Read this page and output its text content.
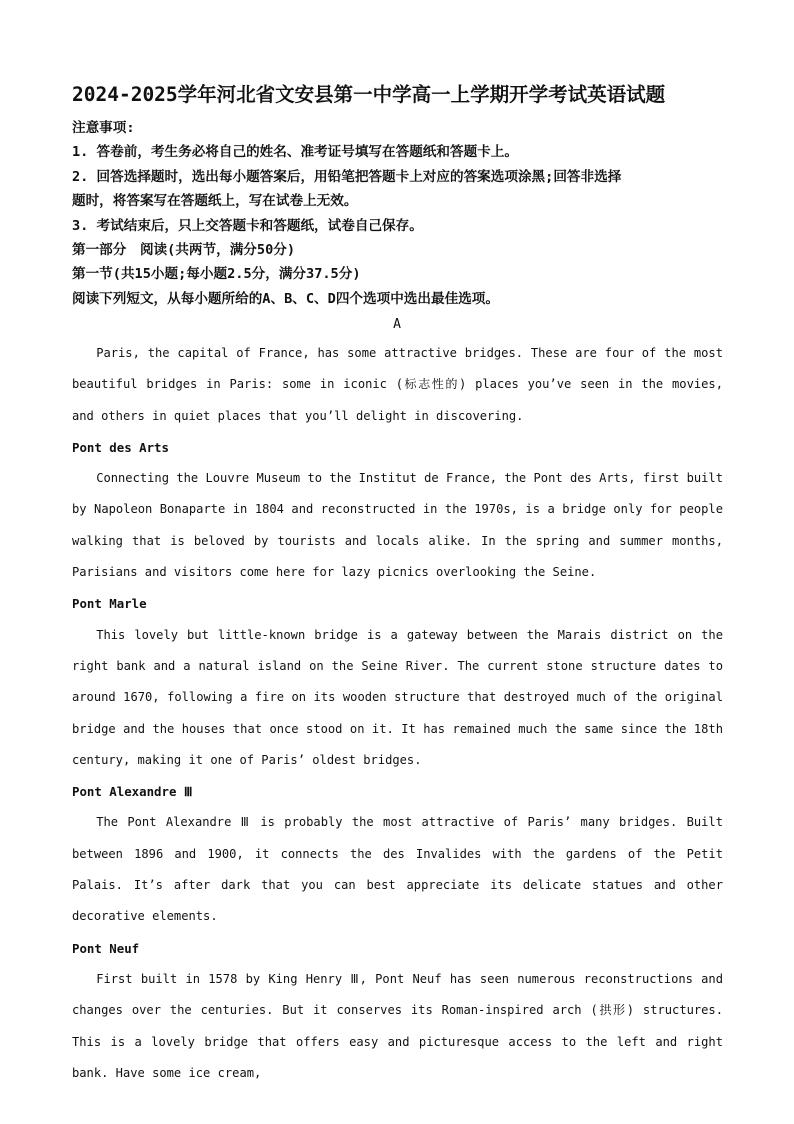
2024-2025学年河北省文安县第一中学高一上学期开学考试英语试题
注意事项:
1. 答卷前，考生务必将自己的姓名、准考证号填写在答题纸和答题卡上。
2. 回答选择题时，选出每小题答案后，用铅笔把答题卡上对应的答案选项涂黑;回答非选择
题时，将答案写在答题纸上，写在试卷上无效。
3. 考试结束后，只上交答题卡和答题纸，试卷自己保存。
第一部分　阅读(共两节，满分50分)
第一节(共15小题;每小题2.5分，满分37.5分)
阅读下列短文，从每小题所给的A、B、C、D四个选项中选出最佳选项。
A

Paris, the capital of France, has some attractive bridges. These are four of the most beautiful bridges in Paris: some in iconic (标志性的) places you’ve seen in the movies, and others in quiet places that you’ll delight in discovering.

Pont des Arts

Connecting the Louvre Museum to the Institut de France, the Pont des Arts, first built by Napoleon Bonaparte in 1804 and reconstructed in the 1970s, is a bridge only for people walking that is beloved by tourists and locals alike. In the spring and summer months, Parisians and visitors come here for lazy picnics overlooking the Seine.

Pont Marle

This lovely but little-known bridge is a gateway between the Marais district on the right bank and a natural island on the Seine River. The current stone structure dates to around 1670, following a fire on its wooden structure that destroyed much of the original bridge and the houses that once stood on it. It has remained much the same since the 18th century, making it one of Paris’ oldest bridges.

Pont Alexandre Ⅲ

The Pont Alexandre Ⅲ is probably the most attractive of Paris’ many bridges. Built between 1896 and 1900, it connects the des Invalides with the gardens of the Petit Palais. It’s after dark that you can best appreciate its delicate statues and other decorative elements.

Pont Neuf

First built in 1578 by King Henry Ⅲ, Pont Neuf has seen numerous reconstructions and changes over the centuries. But it conserves its Roman-inspired arch (拱形) structures. This is a lovely bridge that offers easy and picturesque access to the left and right bank. Have some ice cream,
